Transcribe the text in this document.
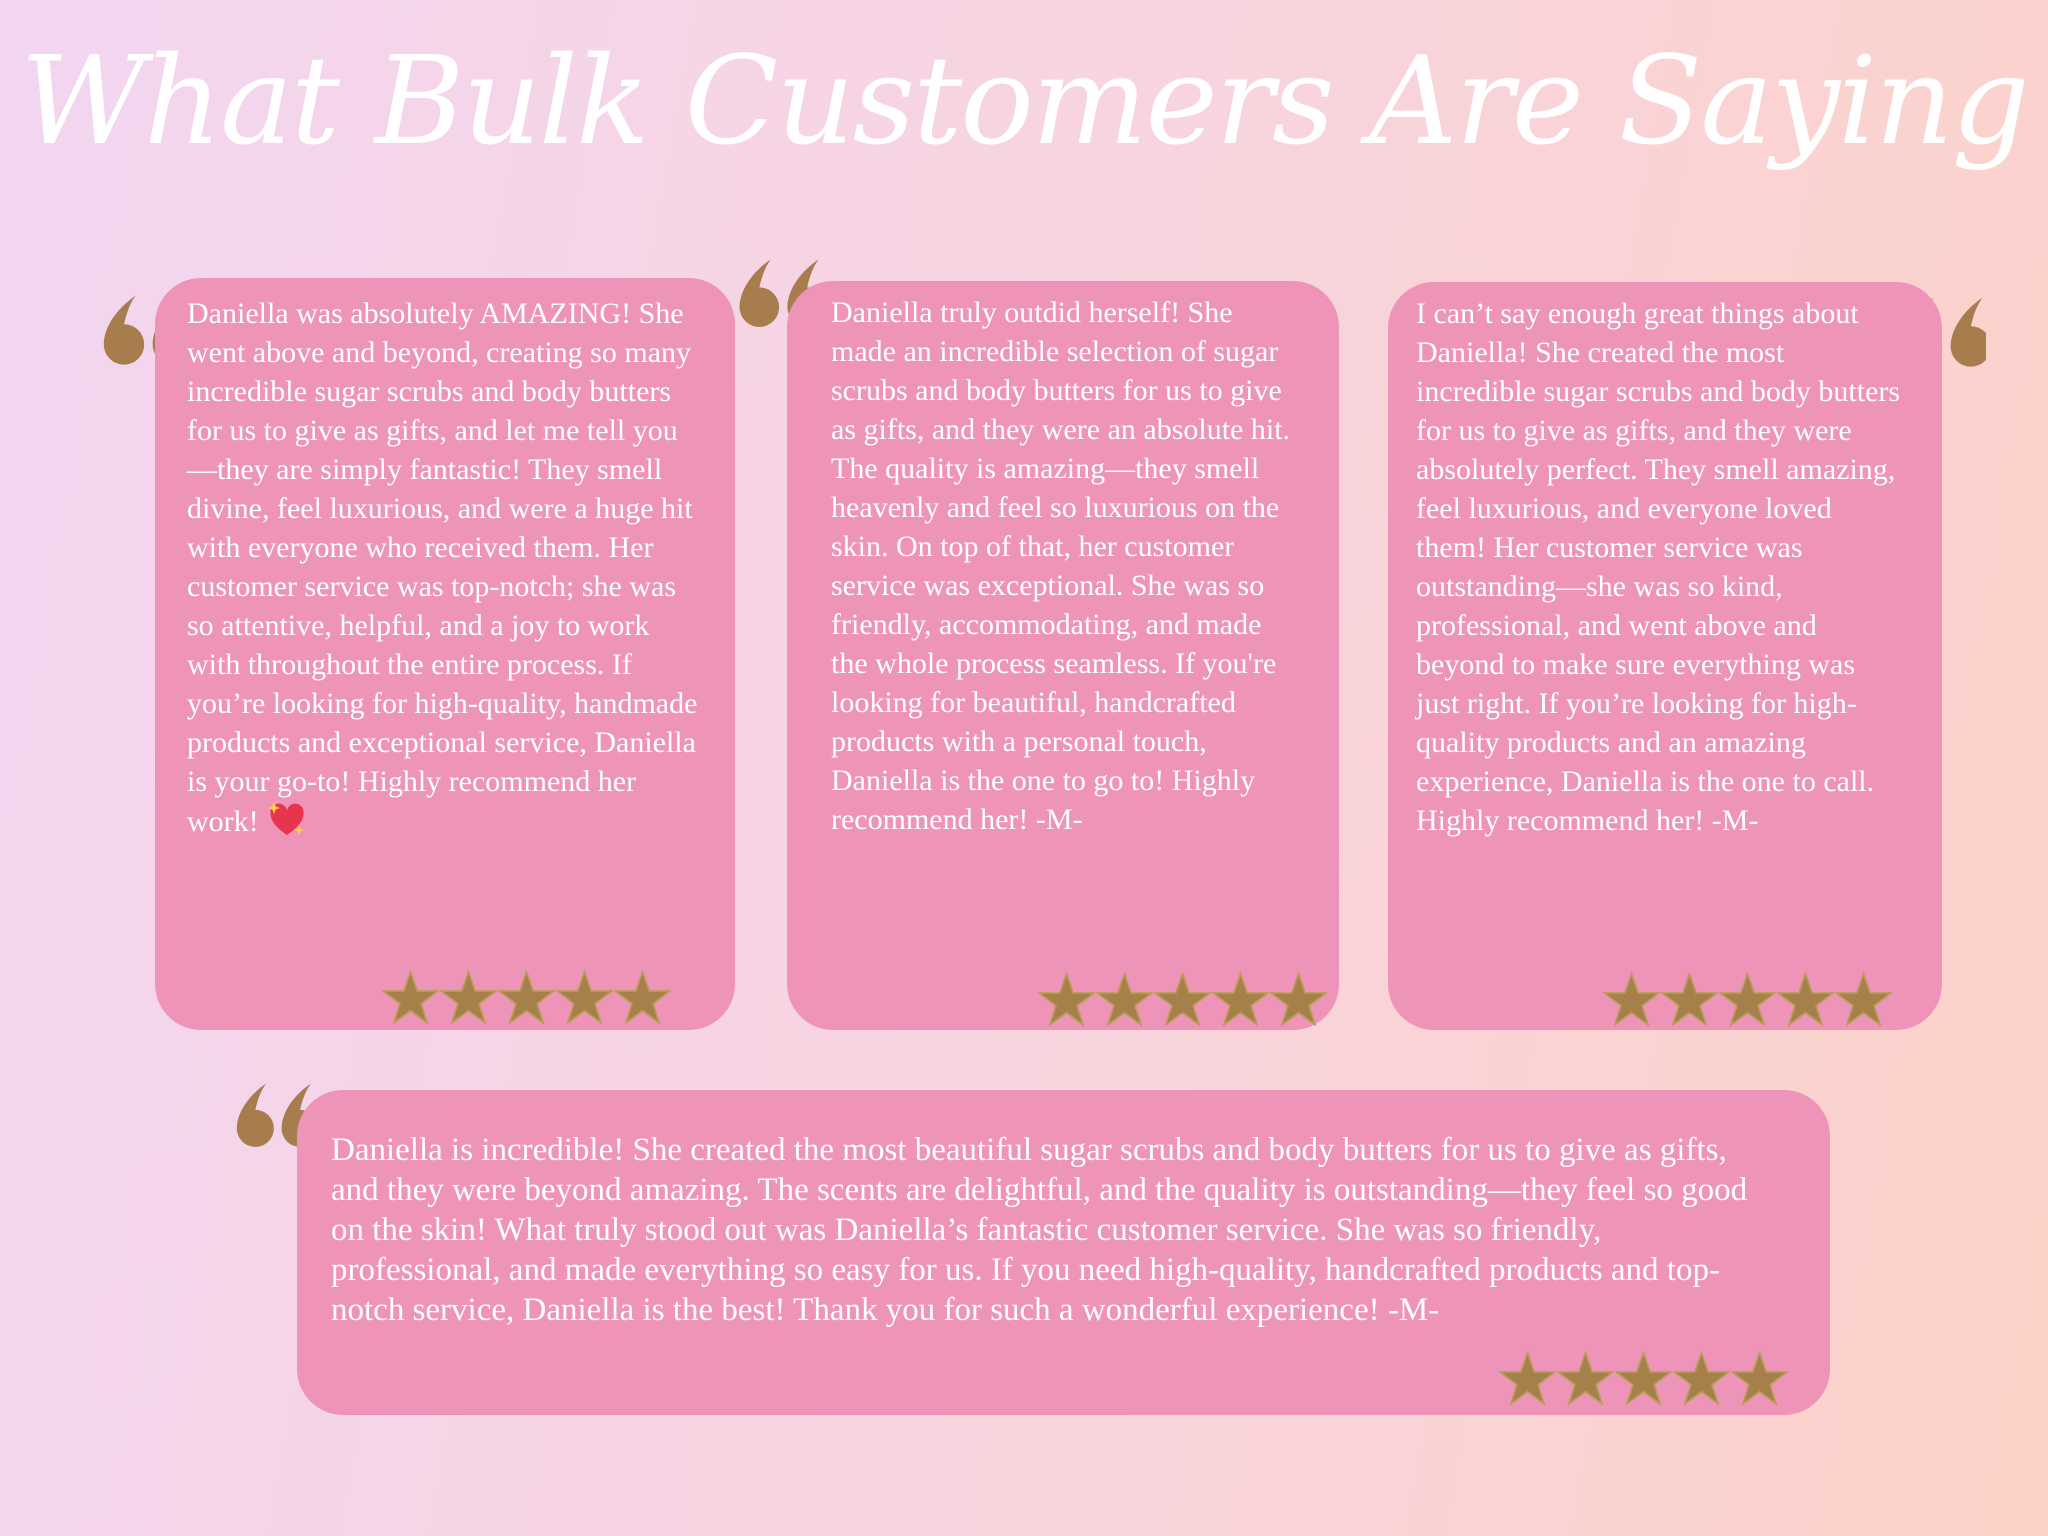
What Bulk Customers Are Saying

Daniella was absolutely AMAZING! She went above and beyond, creating so many incredible sugar scrubs and body butters for us to give as gifts, and let me tell you—they are simply fantastic! They smell divine, feel luxurious, and were a huge hit with everyone who received them. Her customer service was top-notch; she was so attentive, helpful, and a joy to work with throughout the entire process. If you’re looking for high-quality, handmade products and exceptional service, Daniella is your go-to! Highly recommend her work!

Daniella truly outdid herself! She made an incredible selection of sugar scrubs and body butters for us to give as gifts, and they were an absolute hit. The quality is amazing—they smell heavenly and feel so luxurious on the skin. On top of that, her customer service was exceptional. She was so friendly, accommodating, and made the whole process seamless. If you're looking for beautiful, handcrafted products with a personal touch, Daniella is the one to go to! Highly recommend her! -M-

I can’t say enough great things about Daniella! She created the most incredible sugar scrubs and body butters for us to give as gifts, and they were absolutely perfect. They smell amazing, feel luxurious, and everyone loved them! Her customer service was outstanding—she was so kind, professional, and went above and beyond to make sure everything was just right. If you’re looking for high-quality products and an amazing experience, Daniella is the one to call. Highly recommend her! -M-

Daniella is incredible! She created the most beautiful sugar scrubs and body butters for us to give as gifts, and they were beyond amazing. The scents are delightful, and the quality is outstanding—they feel so good on the skin! What truly stood out was Daniella’s fantastic customer service. She was so friendly, professional, and made everything so easy for us. If you need high-quality, handcrafted products and top-notch service, Daniella is the best! Thank you for such a wonderful experience! -M-
